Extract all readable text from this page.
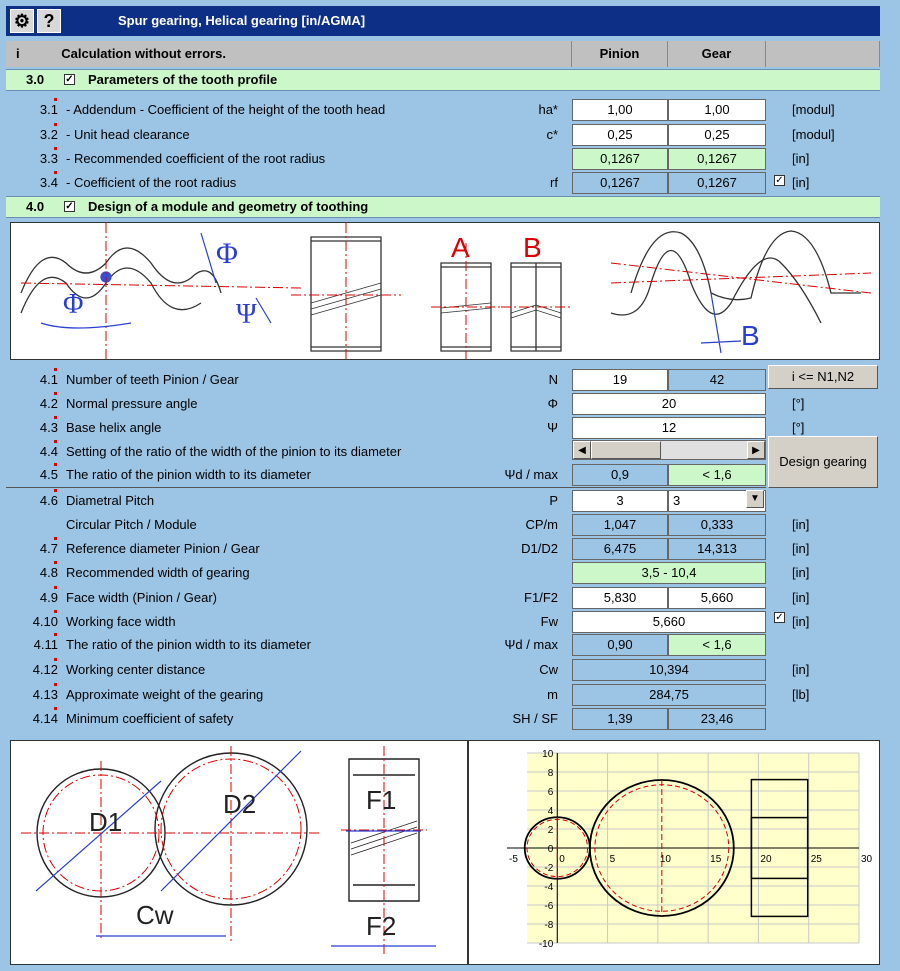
⚙ ?	Spur gearing, Helical gearing [in/AGMA]
i	Calculation without errors.	Pinion	Gear
3.0 ✓ Parameters of the tooth profile
3.1 - Addendum - Coefficient of the height of the tooth head	ha*	1,00	1,00	[modul]
3.2 - Unit head clearance	c*	0,25	0,25	[modul]
3.3 - Recommended coefficient of the root radius	0,1267	0,1267	[in]
3.4 - Coefficient of the root radius	rf	0,1267	0,1267	[in]
✓
4.0 ✓ Design of a module and geometry of toothing
Φ
Φ	Ψ
A B
B
4.1 Number of teeth Pinion / Gear	N	19	42
4.2 Normal pressure angle	Φ	20	[°]
4.3 Base helix angle	Ψ	12	[°]
4.4 Setting of the ratio of the width of the pinion to its diameter
4.5 The ratio of the pinion width to its diameter	Ψd / max	0,9	< 1,6
4.6 Diametral Pitch	P	3	3
Circular Pitch / Module	CP/m	1,047	0,333	[in]
4.7 Reference diameter Pinion / Gear	D1/D2	6,475	14,313	[in]
4.8 Recommended width of gearing	3,5 - 10,4	[in]
4.9 Face width (Pinion / Gear)	F1/F2	5,830	5,660	[in]
4.10 Working face width	Fw	5,660	[in]
4.11 The ratio of the pinion width to its diameter	Ψd / max	0,90	< 1,6
4.12 Working center distance	Cw	10,394	[in]
4.13 Approximate weight of the gearing	m	284,75	[lb]
4.14 Minimum coefficient of safety	SH / SF	1,39	23,46
✓
▼
i <= N1,N2
Design gearing
◀	▶
D1
D2
Cw
F1
F2
-5	0	5	10	15	20	25	30
10
8
6
4
2
0
-2
-4
-6
-8
-10
